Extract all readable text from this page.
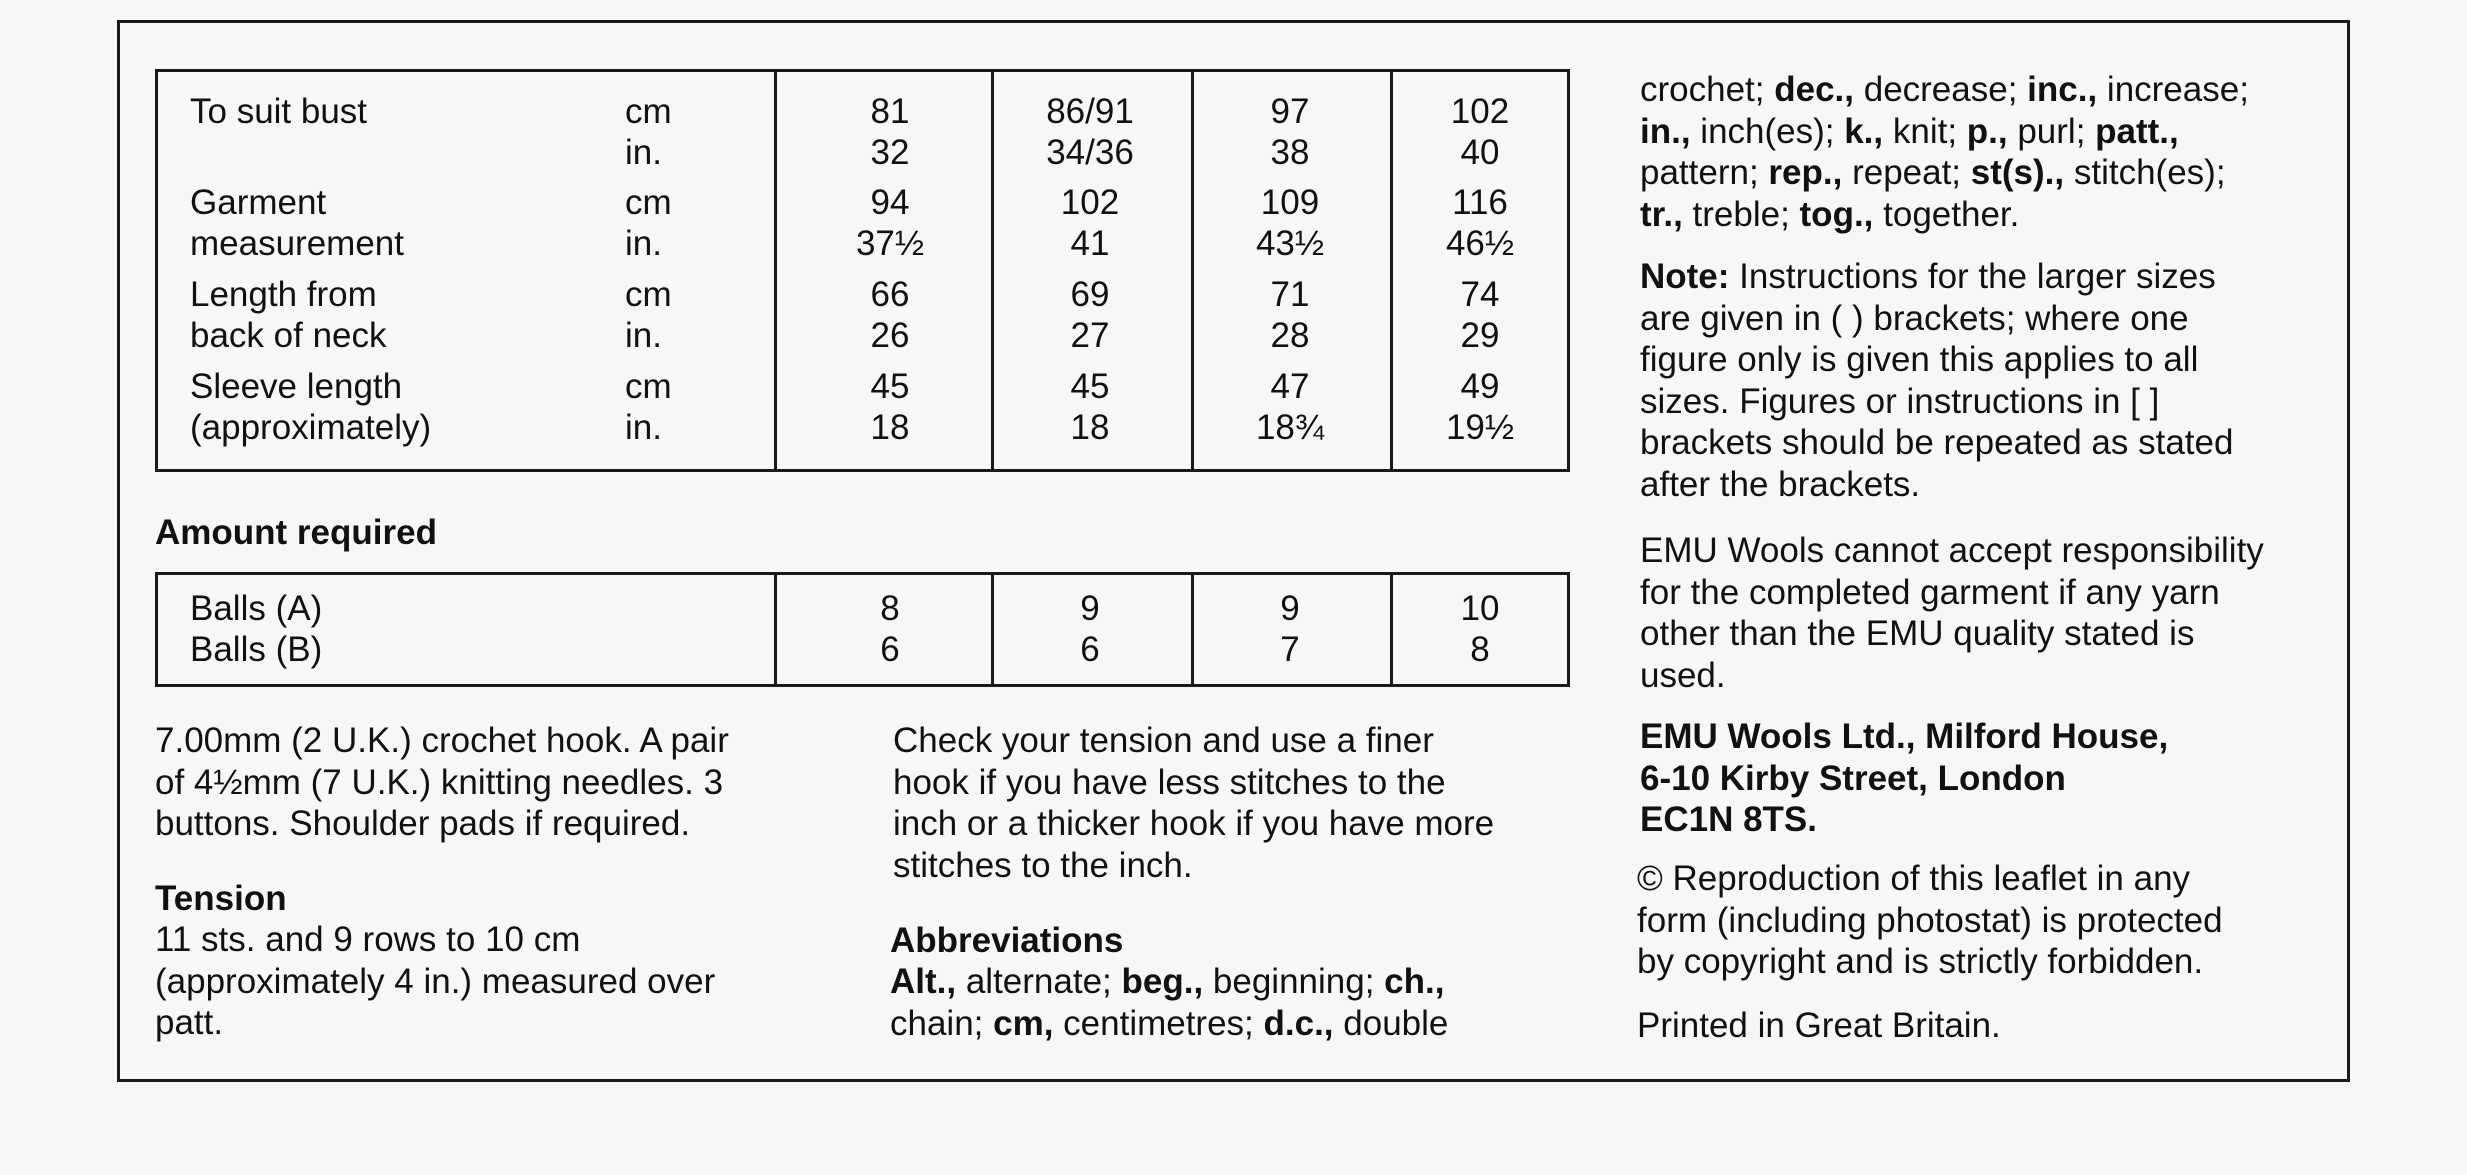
To suit bust
Garment
measurement
Length from
back of neck
Sleeve length
(approximately)
cm
in.
cm
in.
cm
in.
cm
in.
81
32
94
37½
66
26
45
18
86/91
34/36
102
41
69
27
45
18
97
38
109
43½
71
28
47
18¾
102
40
116
46½
74
29
49
19½
Amount required
Balls (A)
Balls (B)
8
6
9
6
9
7
10
8
7.00mm (2 U.K.) crochet hook. A pair
of 4½mm (7 U.K.) knitting needles. 3
buttons. Shoulder pads if required.
Tension
11 sts. and 9 rows to 10 cm
(approximately 4 in.) measured over
patt.
Check your tension and use a finer
hook if you have less stitches to the
inch or a thicker hook if you have more
stitches to the inch.
Abbreviations
Alt., alternate; beg., beginning; ch.,
chain; cm, centimetres; d.c., double
crochet; dec., decrease; inc., increase;
in., inch(es); k., knit; p., purl; patt.,
pattern; rep., repeat; st(s)., stitch(es);
tr., treble; tog., together.
Note: Instructions for the larger sizes
are given in ( ) brackets; where one
figure only is given this applies to all
sizes. Figures or instructions in [ ]
brackets should be repeated as stated
after the brackets.
EMU Wools cannot accept responsibility
for the completed garment if any yarn
other than the EMU quality stated is
used.
EMU Wools Ltd., Milford House,
6-10 Kirby Street, London
EC1N 8TS.
© Reproduction of this leaflet in any
form (including photostat) is protected
by copyright and is strictly forbidden.
Printed in Great Britain.
